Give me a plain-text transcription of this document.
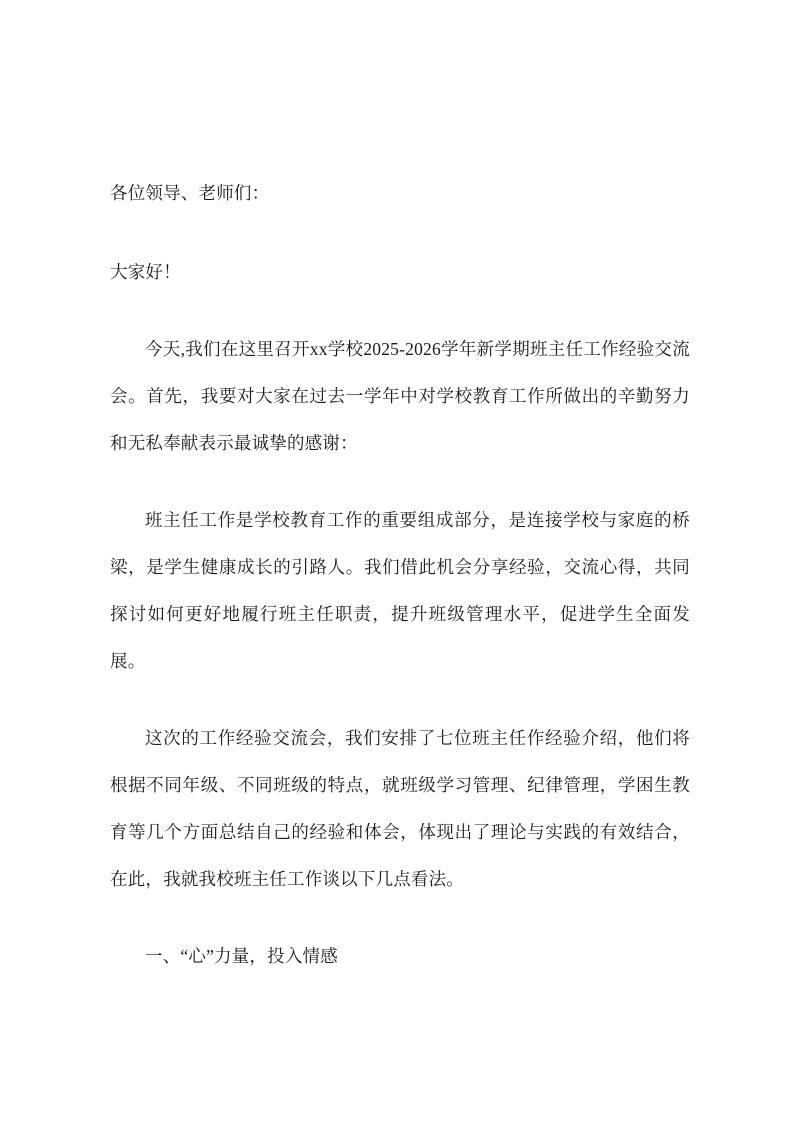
各位领导、老师们：

大家好！

今天,我们在这里召开xx学校2025-2026学年新学期班主任工作经验交流会。首先，我要对大家在过去一学年中对学校教育工作所做出的辛勤努力和无私奉献表示最诚挚的感谢：

班主任工作是学校教育工作的重要组成部分，是连接学校与家庭的桥梁，是学生健康成长的引路人。我们借此机会分享经验，交流心得，共同探讨如何更好地履行班主任职责，提升班级管理水平，促进学生全面发展。

这次的工作经验交流会，我们安排了七位班主任作经验介绍，他们将根据不同年级、不同班级的特点，就班级学习管理、纪律管理，学困生教育等几个方面总结自己的经验和体会，体现出了理论与实践的有效结合，在此，我就我校班主任工作谈以下几点看法。

一、“心”力量，投入情感
